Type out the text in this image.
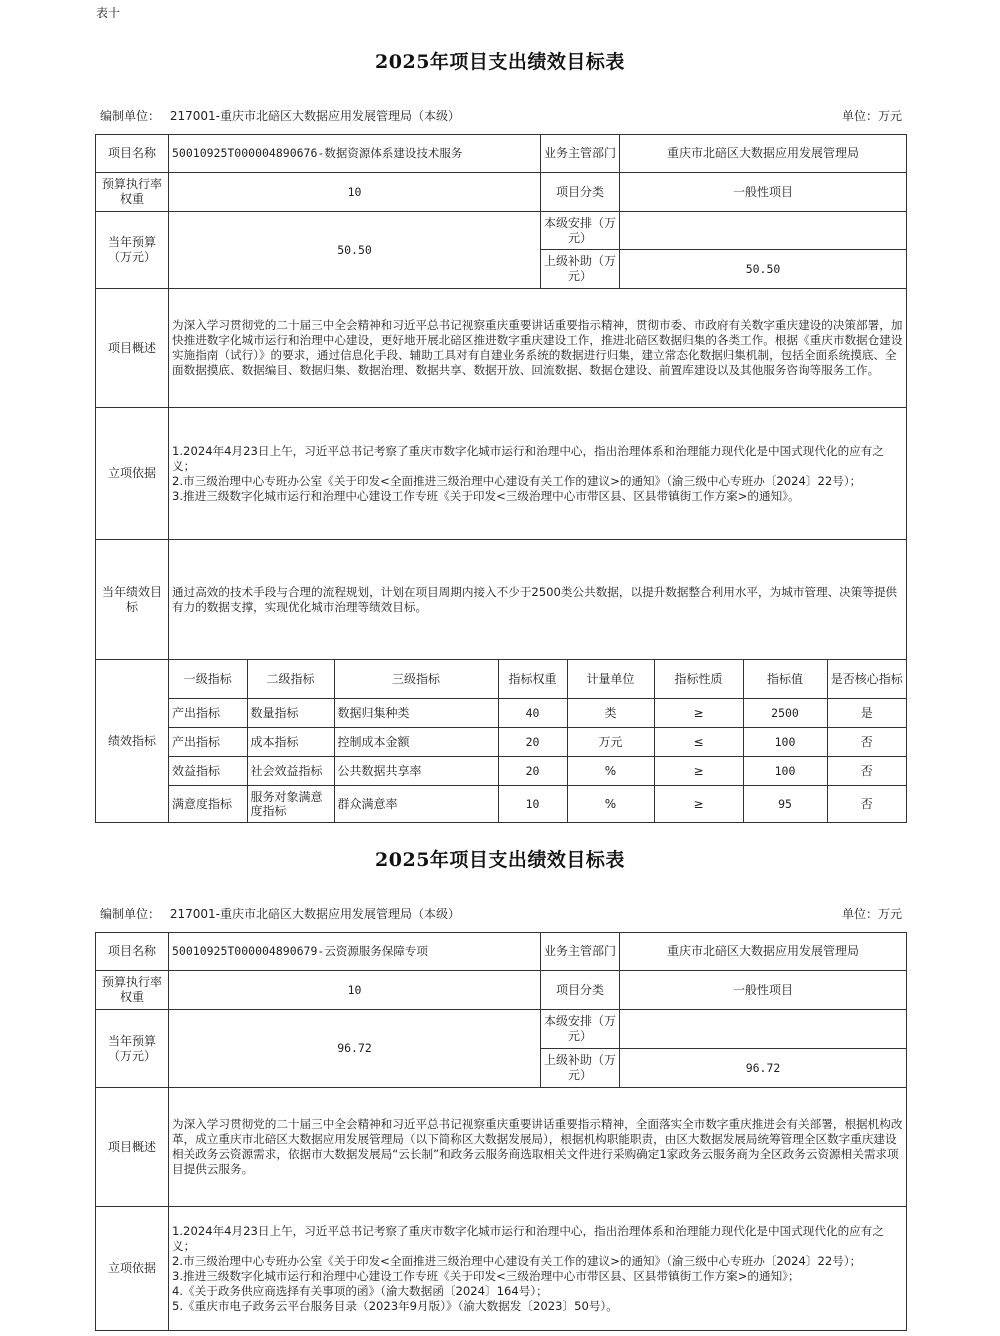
表十
2025年项目支出绩效目标表
编制单位： 217001-重庆市北碚区大数据应用发展管理局（本级）	单位：万元
项目名称	50010925T000004890676-数据资源体系建设技术服务	业务主管部门	重庆市北碚区大数据应用发展管理局
预算执行率权重	10	项目分类	一般性项目
当年预算（万元）	50.50	本级安排（万元）	
上级补助（万元）	50.50
项目概述	为深入学习贯彻党的二十届三中全会精神和习近平总书记视察重庆重要讲话重要指示精神，贯彻市委、市政府有关数字重庆建设的决策部署，加快推进数字化城市运行和治理中心建设，更好地开展北碚区推进数字重庆建设工作，推进北碚区数据归集的各类工作。根据《重庆市数据仓建设实施指南（试行）》的要求，通过信息化手段、辅助工具对有自建业务系统的数据进行归集，建立常态化数据归集机制，包括全面系统摸底、全面数据摸底、数据编目、数据归集、数据治理、数据共享、数据开放、回流数据、数据仓建设、前置库建设以及其他服务咨询等服务工作。
立项依据	
1.2024年4月23日上午，习近平总书记考察了重庆市数字化城市运行和治理中心，指出治理体系和治理能力现代化是中国式现代化的应有之义；
2.市三级治理中心专班办公室《关于印发<全面推进三级治理中心建设有关工作的建议>的通知》（渝三级中心专班办〔2024〕22号）；
3.推进三级数字化城市运行和治理中心建设工作专班《关于印发<三级治理中心市带区县、区县带镇街工作方案>的通知》。

当年绩效目标	通过高效的技术手段与合理的流程规划，计划在项目周期内接入不少于2500类公共数据，以提升数据整合利用水平，为城市管理、决策等提供有力的数据支撑，实现优化城市治理等绩效目标。
绩效指标	
一级指标	二级指标	三级指标	指标权重	计量单位	指标性质	指标值	是否核心指标
产出指标	数量指标	数据归集种类	40	类	≥	2500	是
产出指标	成本指标	控制成本金额	20	万元	≤	100	否
效益指标	社会效益指标	公共数据共享率	20	%	≥	100	否
满意度指标	服务对象满意度指标	群众满意率	10	%	≥	95	否
2025年项目支出绩效目标表
编制单位： 217001-重庆市北碚区大数据应用发展管理局（本级）	单位：万元
项目名称	50010925T000004890679-云资源服务保障专项	业务主管部门	重庆市北碚区大数据应用发展管理局
预算执行率权重	10	项目分类	一般性项目
当年预算（万元）	96.72	本级安排（万元）	
		上级补助（万元）	96.72
项目概述	为深入学习贯彻党的二十届三中全会精神和习近平总书记视察重庆重要讲话重要指示精神，全面落实全市数字重庆推进会有关部署，根据机构改革，成立重庆市北碚区大数据应用发展管理局（以下简称区大数据发展局），根据机构职能职责，由区大数据发展局统筹管理全区数字重庆建设相关政务云资源需求，依据市大数据发展局“云长制”和政务云服务商选取相关文件进行采购确定1家政务云服务商为全区政务云资源相关需求项目提供云服务。		
立项依据	1.2024年4月23日上午，习近平总书记考察了重庆市数字化城市运行和治理中心，指出治理体系和治理能力现代化是中国式现代化的应有之义；
2.市三级治理中心专班办公室《关于印发<全面推进三级治理中心建设有关工作的建议>的通知》（渝三级中心专班办〔2024〕22号）；
3.推进三级数字化城市运行和治理中心建设工作专班《关于印发<三级治理中心市带区县、区县带镇街工作方案>的通知》；
4.《关于政务供应商选择有关事项的函》（渝大数据函〔2024〕164号）；
5.《重庆市电子政务云平台服务目录（2023年9月版）》（渝大数据发〔2023〕50号）。		
